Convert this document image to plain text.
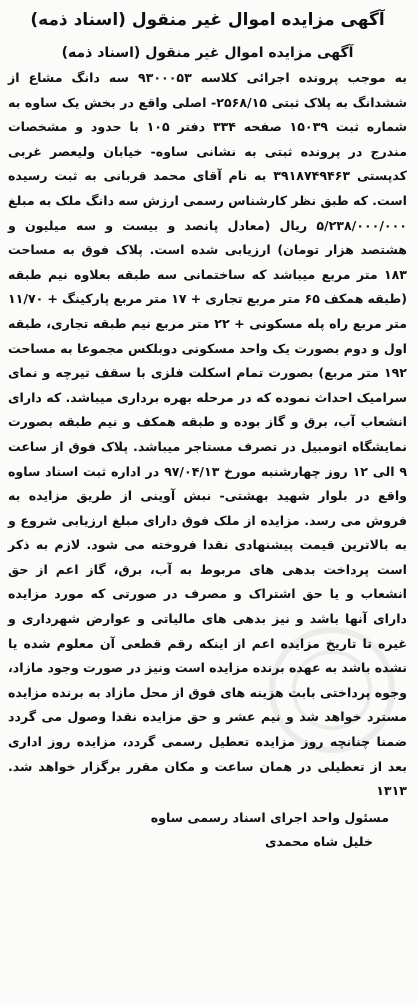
آگهی مزایده اموال غیر منقول (اسناد ذمه)
آگهی مزایده اموال غیر منقول (اسناد ذمه)

به موجب پرونده اجرائی کلاسه ۹۳۰۰۰۵۳ سه دانگ مشاع از ششدانگ به پلاک ثبتی ۲۵۶۸/۱۵- اصلی واقع در بخش یک ساوه به شماره ثبت ۱۵۰۳۹ صفحه ۳۳۴ دفتر ۱۰۵ با حدود و مشخصات مندرج در پرونده ثبتی به نشانی ساوه- خیابان ولیعصر غربی کدپستی ۳۹۱۸۷۴۹۴۶۳ به نام آقای محمد قربانی به ثبت رسیده است. که طبق نظر کارشناس رسمی ارزش سه دانگ ملک به مبلغ ۵/۲۳۸/۰۰۰/۰۰۰ ریال (معادل پانصد و بیست و سه میلیون و هشتصد هزار تومان) ارزیابی شده است. پلاک فوق به مساحت ۱۸۳ متر مربع میباشد که ساختمانی سه طبقه بعلاوه نیم طبقه (طبقه همکف ۶۵ متر مربع تجاری + ۱۷ متر مربع پارکینگ + ۱۱/۷۰ متر مربع راه پله مسکونی + ۲۲ متر مربع نیم طبقه تجاری، طبقه اول و دوم بصورت یک واحد مسکونی دوبلکس مجموعا به مساحت ۱۹۲ متر مربع) بصورت تمام اسکلت فلزی با سقف تیرچه و نمای سرامیک احداث نموده که در مرحله بهره برداری میباشد. که دارای انشعاب آب، برق و گاز بوده و طبقه همکف و نیم طبقه بصورت نمایشگاه اتومبیل در تصرف مستاجر میباشد. پلاک فوق از ساعت ۹ الی ۱۲ روز چهارشنبه مورخ ۹۷/۰۴/۱۳ در اداره ثبت اسناد ساوه واقع در بلوار شهید بهشتی- نبش آوینی از طریق مزایده به فروش می رسد. مزایده از ملک فوق دارای مبلغ ارزیابی شروع و به بالاترین قیمت پیشنهادی نقدا فروخته می شود. لازم به ذکر است پرداخت بدهی های مربوط به آب، برق، گاز اعم از حق انشعاب و یا حق اشتراک و مصرف در صورتی که مورد مزایده دارای آنها باشد و نیز بدهی های مالیاتی و عوارض شهرداری و غیره تا تاریخ مزایده اعم از اینکه رقم قطعی آن معلوم شده یا نشده باشد به عهده برنده مزایده است ونیز در صورت وجود مازاد، وجوه پرداختی بابت هزینه های فوق از محل مازاد به برنده مزایده مسترد خواهد شد و نیم عشر و حق مزایده نقدا وصول می گردد ضمنا چنانچه روز مزایده تعطیل رسمی گردد، مزایده روز اداری بعد از تعطیلی در همان ساعت و مکان مقرر برگزار خواهد شد. ۱۳۱۳

مسئول واحد اجرای اسناد رسمی ساوه
خلیل شاه محمدی
